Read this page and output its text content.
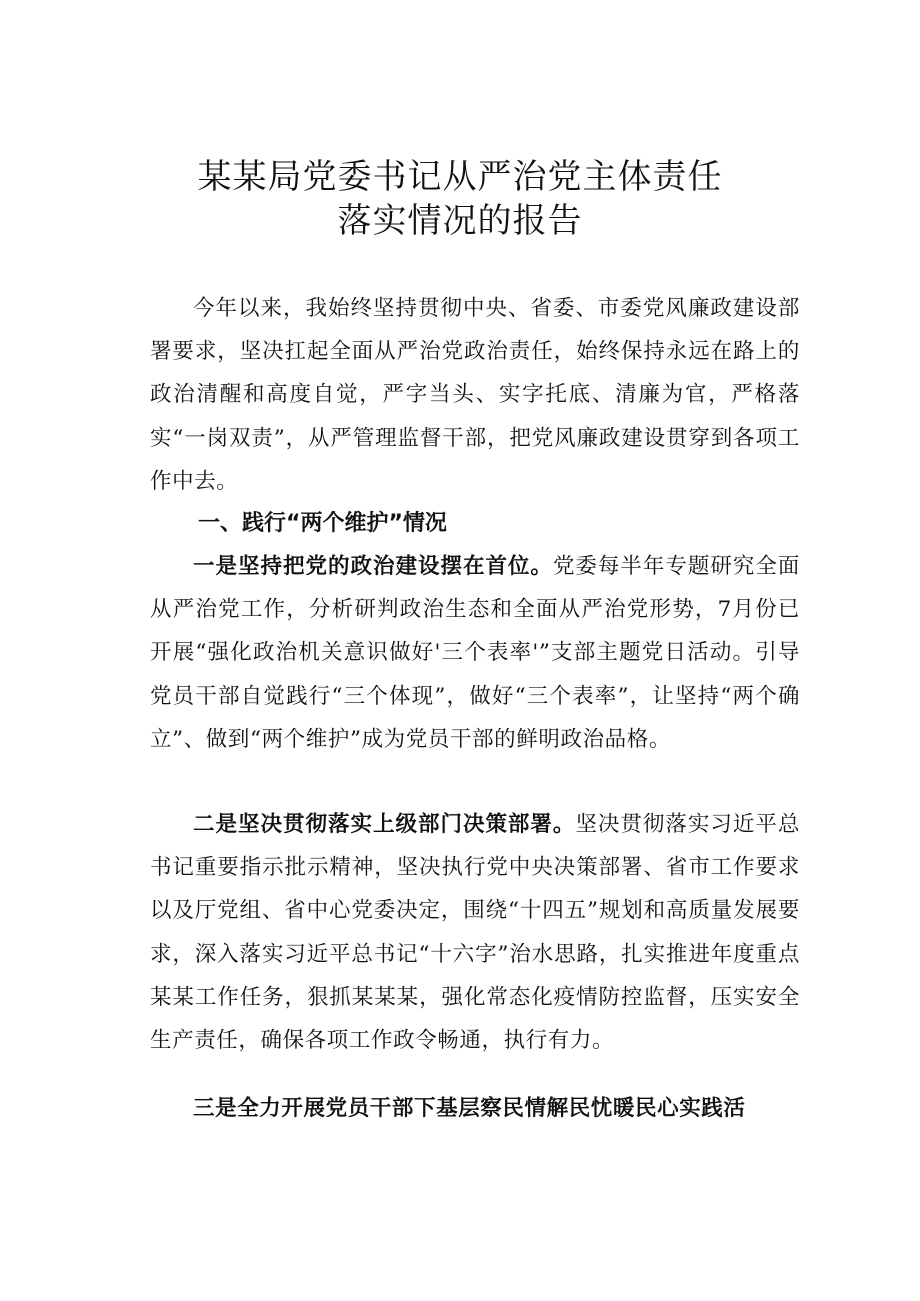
某某局党委书记从严治党主体责任
落实情况的报告

今年以来，我始终坚持贯彻中央、省委、市委党风廉政建设部署要求，坚决扛起全面从严治党政治责任，始终保持永远在路上的政治清醒和高度自觉，严字当头、实字托底、清廉为官，严格落实“一岗双责”，从严管理监督干部，把党风廉政建设贯穿到各项工作中去。

一、践行“两个维护”情况

一是坚持把党的政治建设摆在首位。党委每半年专题研究全面从严治党工作，分析研判政治生态和全面从严治党形势，7月份已开展“强化政治机关意识做好'三个表率'”支部主题党日活动。引导党员干部自觉践行“三个体现”，做好“三个表率”，让坚持“两个确立”、做到“两个维护”成为党员干部的鲜明政治品格。

二是坚决贯彻落实上级部门决策部署。坚决贯彻落实习近平总书记重要指示批示精神，坚决执行党中央决策部署、省市工作要求以及厅党组、省中心党委决定，围绕“十四五”规划和高质量发展要求，深入落实习近平总书记“十六字”治水思路，扎实推进年度重点某某工作任务，狠抓某某某，强化常态化疫情防控监督，压实安全生产责任，确保各项工作政令畅通，执行有力。

三是全力开展党员干部下基层察民情解民忧暖民心实践活
